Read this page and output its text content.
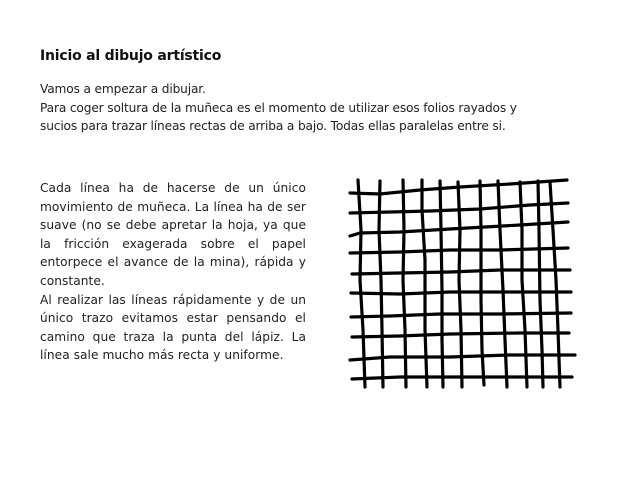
Inicio al dibujo artístico
Vamos a empezar a dibujar.
Para coger soltura de la muñeca es el momento de utilizar esos folios rayados y
sucios para trazar líneas rectas de arriba a bajo. Todas ellas paralelas entre si.

Cada línea ha de hacerse de un único movimiento de muñeca. La línea ha de ser suave (no se debe apretar la hoja, ya que la fricción exagerada sobre el papel entorpece el avance de la mina), rápida y constante.

Al realizar las líneas rápidamente y de un único trazo evitamos estar pensando el camino que traza la punta del lápiz. La línea sale mucho más recta y uniforme.
